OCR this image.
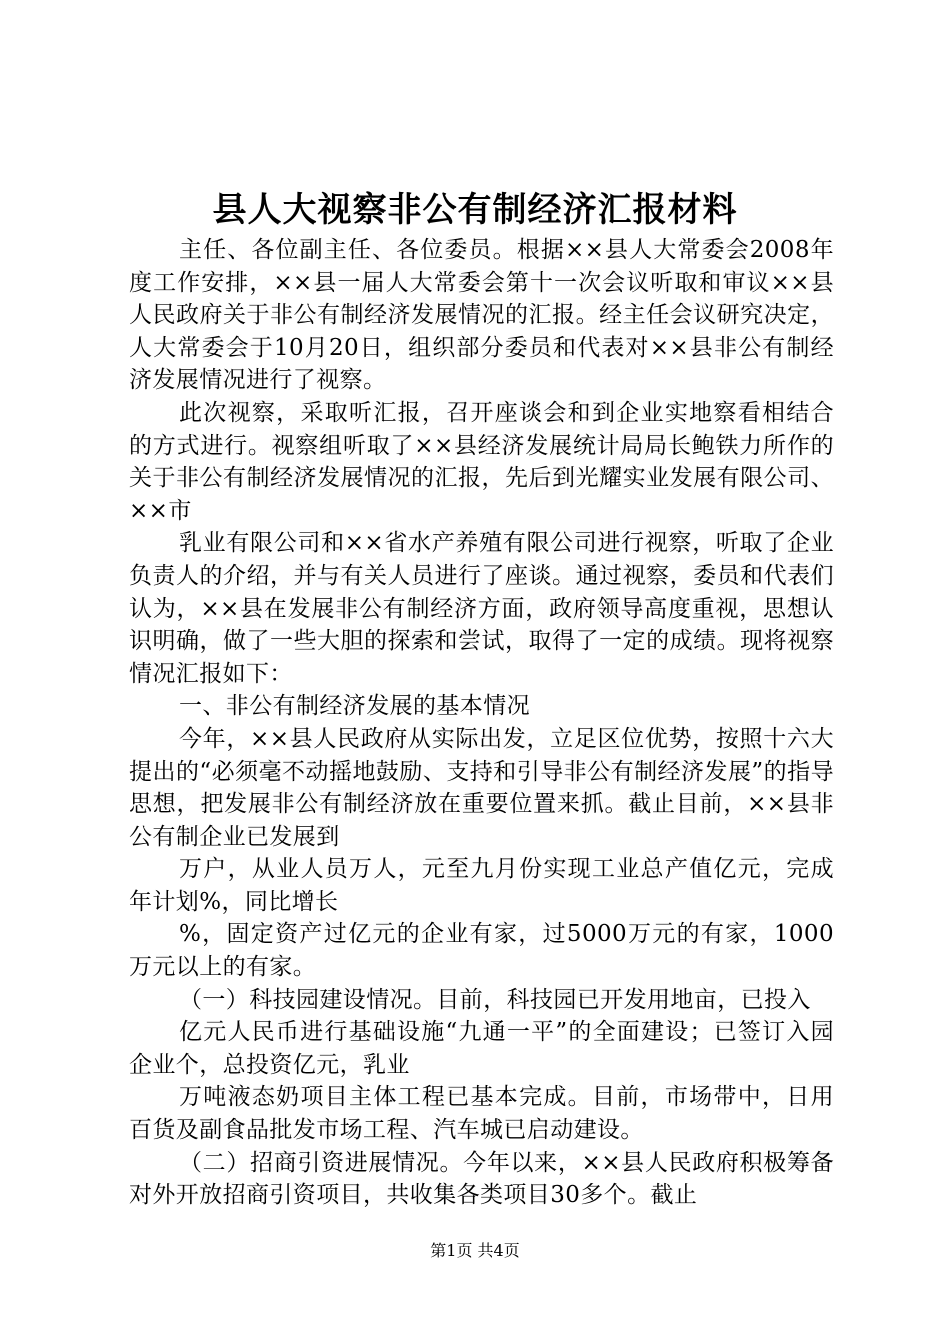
县人大视察非公有制经济汇报材料

主任、各位副主任、各位委员。根据××县人大常委会2008年度工作安排，××县一届人大常委会第十一次会议听取和审议××县人民政府关于非公有制经济发展情况的汇报。经主任会议研究决定，人大常委会于10月20日，组织部分委员和代表对××县非公有制经济发展情况进行了视察。

此次视察，采取听汇报，召开座谈会和到企业实地察看相结合的方式进行。视察组听取了××县经济发展统计局局长鲍铁力所作的关于非公有制经济发展情况的汇报，先后到光耀实业发展有限公司、××市

乳业有限公司和××省水产养殖有限公司进行视察，听取了企业负责人的介绍，并与有关人员进行了座谈。通过视察，委员和代表们认为，××县在发展非公有制经济方面，政府领导高度重视，思想认识明确，做了一些大胆的探索和尝试，取得了一定的成绩。现将视察情况汇报如下：

一、非公有制经济发展的基本情况

今年，××县人民政府从实际出发，立足区位优势，按照十六大提出的“必须毫不动摇地鼓励、支持和引导非公有制经济发展”的指导思想，把发展非公有制经济放在重要位置来抓。截止目前，××县非公有制企业已发展到

万户，从业人员万人，元至九月份实现工业总产值亿元，完成年计划%，同比增长

%，固定资产过亿元的企业有家，过5000万元的有家，1000万元以上的有家。

（一）科技园建设情况。目前，科技园已开发用地亩，已投入

亿元人民币进行基础设施“九通一平”的全面建设；已签订入园企业个，总投资亿元，乳业

万吨液态奶项目主体工程已基本完成。目前，市场带中，日用百货及副食品批发市场工程、汽车城已启动建设。

（二）招商引资进展情况。今年以来，××县人民政府积极筹备对外开放招商引资项目，共收集各类项目30多个。截止

第1页 共4页
